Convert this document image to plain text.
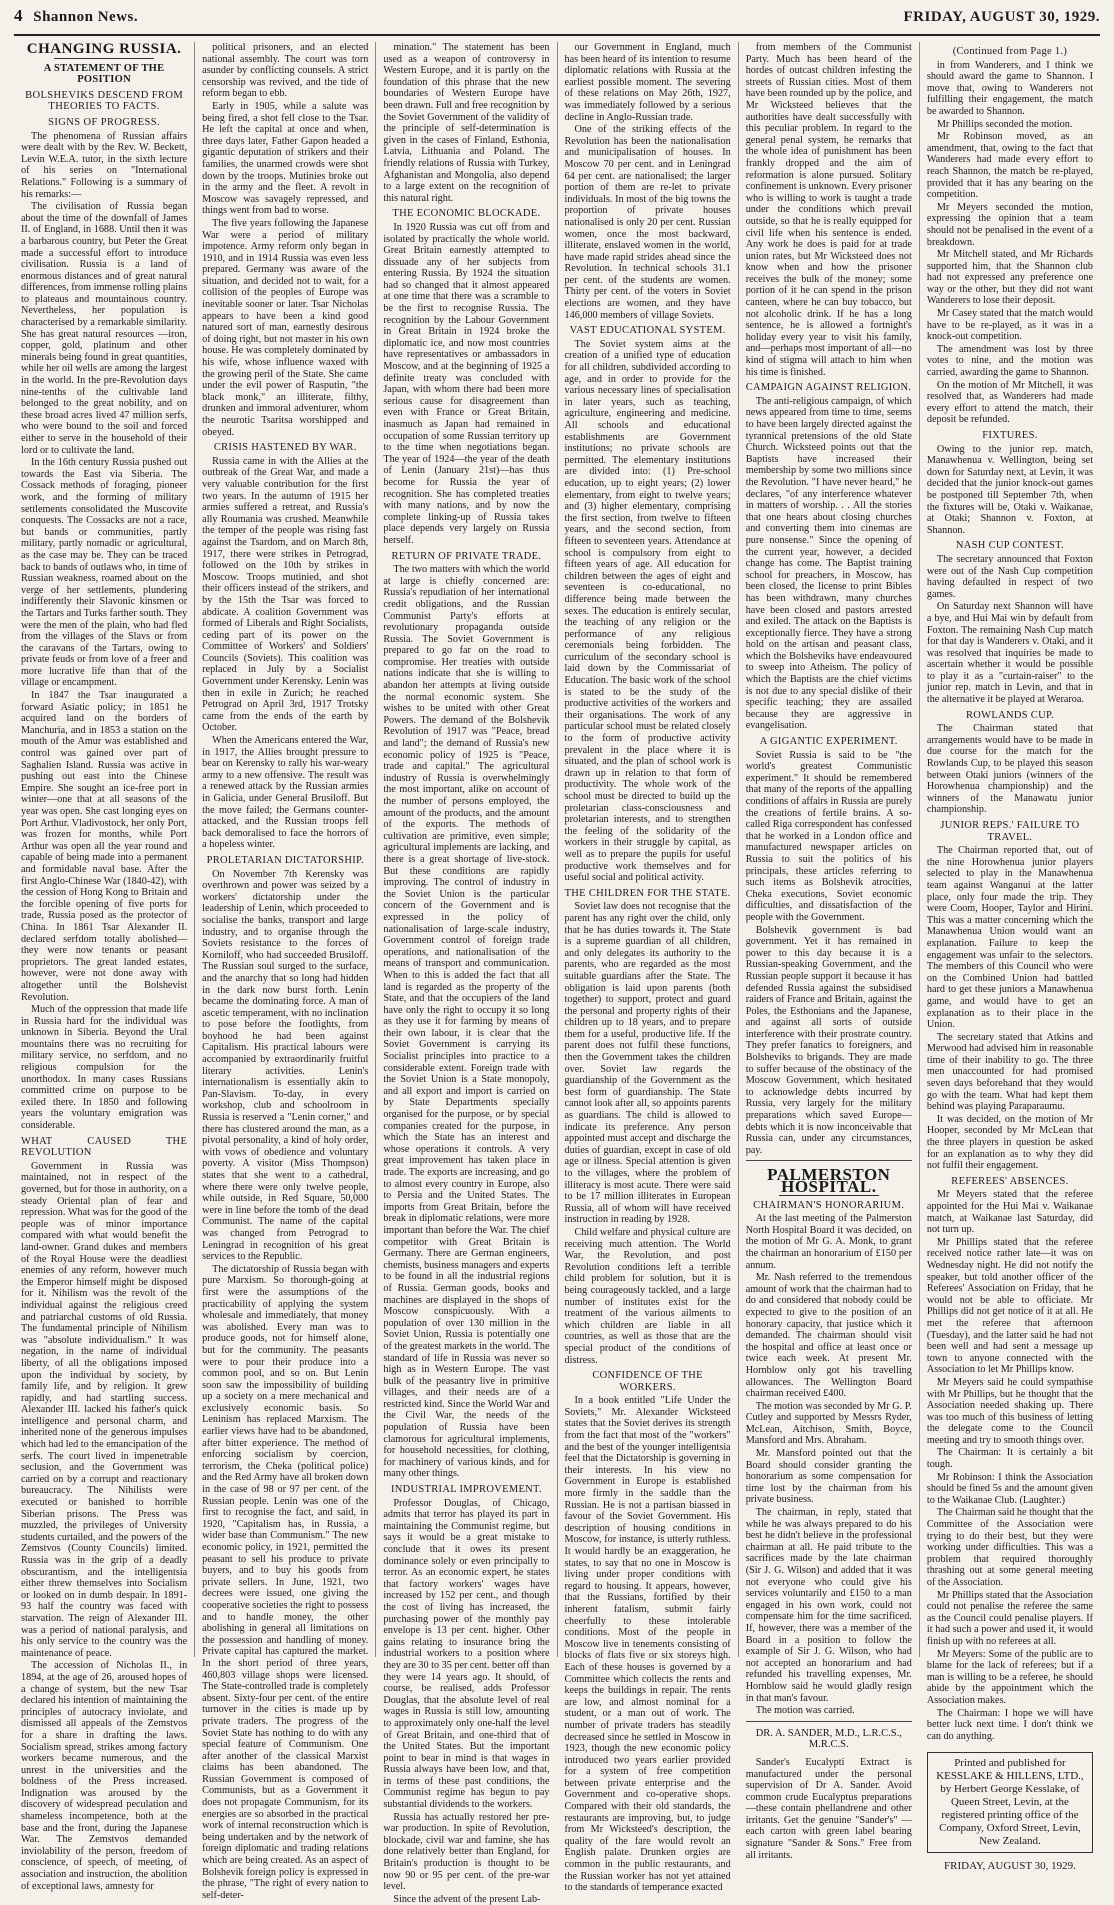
4 Shannon News.	FRIDAY, AUGUST 30, 1929.
CHANGING RUSSIA.
A STATEMENT OF THE POSITION
BOLSHEVIKS DESCEND FROM THEORIES TO FACTS.
SIGNS OF PROGRESS.

The phenomena of Russian affairs were dealt with by the Rev. W. Beckett, Levin W.E.A. tutor, in the sixth lecture of his series on "International Relations." Following is a summary of his remarks:—

The civilisation of Russia began about the time of the downfall of James II. of England, in 1688. Until then it was a barbarous country, but Peter the Great made a successful effort to introduce civilisation. Russia is a land of enormous distances and of great natural differences, from immense rolling plains to plateaus and mountainous country. Nevertheless, her population is characterised by a remarkable similarity. She has great natural resources —iron, copper, gold, platinum and other minerals being found in great quantities, while her oil wells are among the largest in the world. In the pre-Revolution days nine-tenths of the cultivable land belonged to the great nobility, and on these broad acres lived 47 million serfs, who were bound to the soil and forced either to serve in the household of their lord or to cultivate the land.

In the 16th century Russia pushed out towards the East via Siberia. The Cossack methods of foraging, pioneer work, and the forming of military settlements consolidated the Muscovite conquests. The Cossacks are not a race, but bands or communities, partly military, partly nomadic or agricultural, as the case may be. They can be traced back to bands of outlaws who, in time of Russian weakness, roamed about on the verge of her settlements, plundering indifferently their Slavonic kinsmen or the Tartars and Turks farther south. They were the men of the plain, who had fled from the villages of the Slavs or from the caravans of the Tartars, owing to private feuds or from love of a freer and more lucrative life than that of the village or encampment.

In 1847 the Tsar inaugurated a forward Asiatic policy; in 1851 he acquired land on the borders of Manchuria, and in 1853 a station on the mouth of the Amur was established and control was gained over part of Saghalien Island. Russia was active in pushing out east into the Chinese Empire. She sought an ice-free port in winter—one that at all seasons of the year was open. She cast longing eyes on Port Arthur. Vladivostock, her only Port, was frozen for months, while Port Arthur was open all the year round and capable of being made into a permanent and formidable naval base. After the first Anglo-Chinese War (1840-42), with the cession of Hong Kong to Britain and the forcible opening of five ports for trade, Russia posed as the protector of China. In 1861 Tsar Alexander II. declared serfdom totally abolished—they were now tenants or peasant proprietors. The great landed estates, however, were not done away with altogether until the Bolshevist Revolution.

Much of the oppression that made life in Russia hard for the individual was unknown in Siberia. Beyond the Ural mountains there was no recruiting for military service, no serfdom, and no religious compulsion for the unorthodox. In many cases Russians committed crime on purpose to be exiled there. In 1850 and following years the voluntary emigration was considerable.

WHAT CAUSED THE REVOLUTION

Government in Russia was maintained, not in respect of the governed, but for those in authority, on a steady Oriental plan of fear and repression. What was for the good of the people was of minor importance compared with what would benefit the land-owner. Grand dukes and members of the Royal House were the deadliest enemies of any reform, however much the Emperor himself might be disposed for it. Nihilism was the revolt of the individual against the religious creed and patriarchal customs of old Russia. The fundamental principle of Nihilism was "absolute individualism." It was negation, in the name of individual liberty, of all the obligations imposed upon the individual by society, by family life, and by religion. It grew rapidly, and had startling success. Alexander III. lacked his father's quick intelligence and personal charm, and inherited none of the generous impulses which had led to the emancipation of the serfs. The court lived in impenetrable seclusion, and the Government was carried on by a corrupt and reactionary bureaucracy. The Nihilists were executed or banished to horrible Siberian prisons. The Press was muzzled, the privileges of University students curtailed, and the powers of the Zemstvos (County Councils) limited. Russia was in the grip of a deadly obscurantism, and the intelligentsia either threw themselves into Socialism or looked on in dumb despair. In 1891-93 half the country was faced with starvation. The reign of Alexander III. was a period of national paralysis, and his only service to the country was the maintenance of peace.

The accession of Nicholas II., in 1894, at the age of 26, aroused hopes of a change of system, but the new Tsar declared his intention of maintaining the principles of autocracy inviolate, and dismissed all appeals of the Zemstvos for a share in drafting the laws. Socialism spread, strikes among factory workers became numerous, and the unrest in the universities and the boldness of the Press increased. Indignation was aroused by the discovery of widespread peculation and shameless incompetence, both at the base and the front, during the Japanese War. The Zemstvos demanded inviolability of the person, freedom of conscience, of speech, of meeting, of association and instruction, the abolition of exceptional laws, amnesty for

political prisoners, and an elected national assembly. The court was torn asunder by conflicting counsels. A strict censorship was revived, and the tide of reform began to ebb.

Early in 1905, while a salute was being fired, a shot fell close to the Tsar. He left the capital at once and when, three days later, Father Gapon headed a gigantic deputation of strikers and their families, the unarmed crowds were shot down by the troops. Mutinies broke out in the army and the fleet. A revolt in Moscow was savagely repressed, and things went from bad to worse.

The five years following the Japanese War were a period of military impotence. Army reform only began in 1910, and in 1914 Russia was even less prepared. Germany was aware of the situation, and decided not to wait, for a collision of the peoples of Europe was inevitable sooner or later. Tsar Nicholas appears to have been a kind good natured sort of man, earnestly desirous of doing right, but not master in his own house. He was completely dominated by his wife, whose influence waxed with the growing peril of the State. She came under the evil power of Rasputin, "the black monk," an illiterate, filthy, drunken and immoral adventurer, whom the neurotic Tsaritsa worshipped and obeyed.

CRISIS HASTENED BY WAR.

Russia came in with the Allies at the outbreak of the Great War, and made a very valuable contribution for the first two years. In the autumn of 1915 her armies suffered a retreat, and Russia's ally Roumania was crushed. Meanwhile the temper of the people was rising fast against the Tsardom, and on March 8th, 1917, there were strikes in Petrograd, followed on the 10th by strikes in Moscow. Troops mutinied, and shot their officers instead of the strikers, and by the 15th the Tsar was forced to abdicate. A coalition Government was formed of Liberals and Right Socialists, ceding part of its power on the Committee of Workers' and Soldiers' Councils (Soviets). This coalition was replaced in July by a Socialist Government under Kerensky. Lenin was then in exile in Zurich; he reached Petrograd on April 3rd, 1917 Trotsky came from the ends of the earth by October.

When the Americans entered the War, in 1917, the Allies brought pressure to bear on Kerensky to rally his war-weary army to a new offensive. The result was a renewed attack by the Russian armies in Galicia, under General Brusiloff. But the move failed; the Germans counter-attacked, and the Russian troops fell back demoralised to face the horrors of a hopeless winter.

PROLETARIAN DICTATORSHIP.

On November 7th Kerensky was overthrown and power was seized by a workers' dictatorship under the leadership of Lenin, which proceeded to socialise the banks, transport and large industry, and to organise through the Soviets resistance to the forces of Korniloff, who had succeeded Brusiloff. The Russian soul surged to the surface, and the anarchy that so long had hidden in the dark now burst forth. Lenin became the dominating force. A man of ascetic temperament, with no inclination to pose before the footlights, from boyhood he had been against Capitalism. His practical labours were accompanied by extraordinarily fruitful literary activities. Lenin's internationalism is essentially akin to Pan-Slavism. To-day, in every workshop, club and schoolroom in Russia is reserved a "Lenin corner," and there has clustered around the man, as a pivotal personality, a kind of holy order, with vows of obedience and voluntary poverty. A visitor (Miss Thompson) states that she went to a cathedral, where there were only twelve people, while outside, in Red Square, 50,000 were in line before the tomb of the dead Communist. The name of the capital was changed from Petrograd to Leningrad in recognition of his great services to the Republic.

The dictatorship of Russia began with pure Marxism. So thorough-going at first were the assumptions of the practicability of applying the system wholesale and immediately, that money was abolished. Every man was to produce goods, not for himself alone, but for the community. The peasants were to pour their produce into a common pool, and so on. But Lenin soon saw the impossibility of building up a society on a mere mechanical and exclusively economic basis. So Leninism has replaced Marxism. The earlier views have had to be abandoned, after bitter experience. The method of enforcing socialism by coercion, terrorism, the Cheka (political police) and the Red Army have all broken down in the case of 98 or 97 per cent. of the Russian people. Lenin was one of the first to recognise the fact, and said, in 1920, "Capitalism has, in Russia, a wider base than Communism." The new economic policy, in 1921, permitted the peasant to sell his produce to private buyers, and to buy his goods from private sellers. In June, 1921, two decrees were issued, one giving the cooperative societies the right to possess and to handle money, the other abolishing in general all limitations on the possession and handling of money. Private capital has captured the market. In the short period of three years, 460,803 village shops were licensed. The State-controlled trade is completely absent. Sixty-four per cent. of the entire turnover in the cities is made up by private traders. The progress of the Soviet State has nothing to do with any special feature of Communism. One after another of the classical Marxist claims has been abandoned. The Russian Government is composed of Communists, but as a Government it does not propagate Communism, for its energies are so absorbed in the practical work of internal reconstruction which is being undertaken and by the network of foreign diplomatic and trading relations which are being created. As an aspect of Bolshevik foreign policy is expressed in the phrase, "The right of every nation to self-deter-

mination." The statement has been used as a weapon of controversy in Western Europe, and it is partly on the foundation of this phrase that the new boundaries of Western Europe have been drawn. Full and free recognition by the Soviet Government of the validity of the principle of self-determination is given in the cases of Finland, Esthonia, Latvia, Lithuania and Poland. The friendly relations of Russia with Turkey, Afghanistan and Mongolia, also depend to a large extent on the recognition of this natural right.

THE ECONOMIC BLOCKADE.

In 1920 Russia was cut off from and isolated by practically the whole world. Great Britain earnestly attempted to dissuade any of her subjects from entering Russia. By 1924 the situation had so changed that it almost appeared at one time that there was a scramble to be the first to recognise Russia. The recognition by the Labour Government in Great Britain in 1924 broke the diplomatic ice, and now most countries have representatives or ambassadors in Moscow, and at the beginning of 1925 a definite treaty was concluded with Japan, with whom there had been more serious cause for disagreement than even with France or Great Britain, inasmuch as Japan had remained in occupation of some Russian territory up to the time when negotiations began. The year of 1924—the year of the death of Lenin (January 21st)—has thus become for Russia the year of recognition. She has completed treaties with many nations, and by now the complete linking-up of Russia takes place depends very largely on Russia herself.

RETURN OF PRIVATE TRADE.

The two matters with which the world at large is chiefly concerned are: Russia's repudiation of her international credit obligations, and the Russian Communist Party's efforts at revolutionary propaganda outside Russia. The Soviet Government is prepared to go far on the road to compromise. Her treaties with outside nations indicate that she is willing to abandon her attempts at living outside the normal economic system. She wishes to be united with other Great Powers. The demand of the Bolshevik Revolution of 1917 was "Peace, bread and land"; the demand of Russia's new economic policy of 1925 is "Peace, trade and capital." The agricultural industry of Russia is overwhelmingly the most important, alike on account of the number of persons employed, the amount of the products, and the amount of the exports. The methods of cultivation are primitive, even simple; agricultural implements are lacking, and there is a great shortage of live-stock. But these conditions are rapidly improving. The control of industry in the Soviet Union is the particular concern of the Government and is expressed in the policy of nationalisation of large-scale industry, Government control of foreign trade operations, and nationalisation of the means of transport and communication. When to this is added the fact that all land is regarded as the property of the State, and that the occupiers of the land have only the right to occupy it so long as they use it for farming by means of their own labour, it is clear that the Soviet Government is carrying its Socialist principles into practice to a considerable extent. Foreign trade with the Soviet Union is a State monopoly, and all export and import is carried on by State Departments specially organised for the purpose, or by special companies created for the purpose, in which the State has an interest and whose operations it controls. A very great improvement has taken place in trade. The exports are increasing, and go to almost every country in Europe, also to Persia and the United States. The imports from Great Britain, before the break in diplomatic relations, were more important than before the War. The chief competitor with Great Britain is Germany. There are German engineers, chemists, business managers and experts to be found in all the industrial regions of Russia. German goods, books and machines are displayed in the shops of Moscow conspicuously. With a population of over 130 million in the Soviet Union, Russia is potentially one of the greatest markets in the world. The standard of life in Russia was never so high as in Western Europe. The vast bulk of the peasantry live in primitive villages, and their needs are of a restricted kind. Since the World War and the Civil War, the needs of the population of Russia have been clamorous for agricultural implements, for household necessities, for clothing, for machinery of various kinds, and for many other things.

INDUSTRIAL IMPROVEMENT.

Professor Douglas, of Chicago, admits that terror has played its part in maintaining the Communist regime, but says it would be a great mistake to conclude that it owes its present dominance solely or even principally to terror. As an economic expert, he states that factory workers' wages have increased by 152 per cent., and though the cost of living has increased, the purchasing power of the monthly pay envelope is 13 per cent. higher. Other gains relating to insurance bring the industrial workers to a position where they are 30 to 35 per cent. better off than they were 14 years ago. It should, of course, be realised, adds Professor Douglas, that the absolute level of real wages in Russia is still low, amounting to approximately only one-half the level of Great Britain, and one-third that of the United States. But the important point to bear in mind is that wages in Russia always have been low, and that, in terms of these past conditions, the Communist regime has begun to pay substantial dividends to the workers.

Russia has actually restored her pre-war production. In spite of Revolution, blockade, civil war and famine, she has done relatively better than England, for Britain's production is thought to be now 90 or 95 per cent. of the pre-war level.

Since the advent of the present Lab-

our Government in England, much has been heard of its intention to resume diplomatic relations with Russia at the earliest possible moment. The severing of these relations on May 26th, 1927, was immediately followed by a serious decline in Anglo-Russian trade.

One of the striking effects of the Revolution has been the nationalisation and municipalisation of houses. In Moscow 70 per cent. and in Leningrad 64 per cent. are nationalised; the larger portion of them are re-let to private individuals. In most of the big towns the proportion of private houses nationalised is only 20 per cent. Russian women, once the most backward, illiterate, enslaved women in the world, have made rapid strides ahead since the Revolution. In technical schools 31.1 per cent. of the students are women. Thirty per cent. of the voters in Soviet elections are women, and they have 146,000 members of village Soviets.

VAST EDUCATIONAL SYSTEM.

The Soviet system aims at the creation of a unified type of education for all children, subdivided according to age, and in order to provide for the various necessary lines of specialisation in later years, such as teaching, agriculture, engineering and medicine. All schools and educational establishments are Government institutions; no private schools are permitted. The elementary institutions are divided into: (1) Pre-school education, up to eight years; (2) lower elementary, from eight to twelve years; and (3) higher elementary, comprising the first section, from twelve to fifteen years, and the second section, from fifteen to seventeen years. Attendance at school is compulsory from eight to fifteen years of age. All education for children between the ages of eight and seventeen is co-educational, no difference being made between the sexes. The education is entirely secular, the teaching of any religion or the performance of any religious ceremonials being forbidden. The curriculum of the secondary school is laid down by the Commissariat of Education. The basic work of the school is stated to be the study of the productive activities of the workers and their organisations. The work of any particular school must be related closely to the form of productive activity prevalent in the place where it is situated, and the plan of school work is drawn up in relation to that form of productivity. The whole work of the school must be directed to build up the proletarian class-consciousness and proletarian interests, and to strengthen the feeling of the solidarity of the workers in their struggle by capital, as well as to prepare the pupils for useful productive work themselves and for useful social and political activity.

THE CHILDREN FOR THE STATE.

Soviet law does not recognise that the parent has any right over the child, only that he has duties towards it. The State is a supreme guardian of all children, and only delegates its authority to the parents, who are regarded as the most suitable guardians after the State. The obligation is laid upon parents (both together) to support, protect and guard the personal and property rights of their children up to 18 years, and to prepare them for a useful, productive life. If the parent does not fulfil these functions, then the Government takes the children over. Soviet law regards the guardianship of the Government as the best form of guardianship. The State cannot look after all, so appoints parents as guardians. The child is allowed to indicate its preference. Any person appointed must accept and discharge the duties of guardian, except in case of old age or illness. Special attention is given to the villages, where the problem of illiteracy is most acute. There were said to be 17 million illiterates in European Russia, all of whom will have received instruction in reading by 1928.

Child welfare and physical culture are receiving much attention. The World War, the Revolution, and post Revolution conditions left a terrible child problem for solution, but it is being courageously tackled, and a large number of institutes exist for the treatment of the various ailments to which children are liable in all countries, as well as those that are the special product of the conditions of distress.

CONFIDENCE OF THE WORKERS.

In a book entitled "Life Under the Soviets," Mr. Alexander Wicksteed states that the Soviet derives its strength from the fact that most of the "workers" and the best of the younger intelligentsia feel that the Dictatorship is governing in their interests. In his view no Government in Europe is established more firmly in the saddle than the Russian. He is not a partisan biassed in favour of the Soviet Government. His description of housing conditions in Moscow, for instance, is utterly ruthless. It would hardly be an exaggeration, he states, to say that no one in Moscow is living under proper conditions with regard to housing. It appears, however, that the Russians, fortified by their inherent fatalism, submit fairly cheerfully to these intolerable conditions. Most of the people in Moscow live in tenements consisting of blocks of flats five or six storeys high. Each of these houses is governed by a Committee which collects the rents and keeps the buildings in repair. The rents are low, and almost nominal for a student, or a man out of work. The number of private traders has steadily decreased since he settled in Moscow in 1923, though the new economic policy introduced two years earlier provided for a system of free competition between private enterprise and the Government and co-operative shops. Compared with their old standards, the restaurants are improving, but, to judge from Mr Wicksteed's description, the quality of the fare would revolt an English palate. Drunken orgies are common in the public restaurants, and the Russian worker has not yet attained to the standards of temperance exacted

from members of the Communist Party. Much has been heard of the hordes of outcast children infesting the streets of Russian cities. Most of them have been rounded up by the police, and Mr Wicksteed believes that the authorities have dealt successfully with this peculiar problem. In regard to the general penal system, he remarks that the whole idea of punishment has been frankly dropped and the aim of reformation is alone pursued. Solitary confinement is unknown. Every prisoner who is willing to work is taught a trade under the conditions which prevail outside, so that he is really equipped for civil life when his sentence is ended. Any work he does is paid for at trade union rates, but Mr Wicksteed does not know when and how the prisoner receives the bulk of the money; some portion of it he can spend in the prison canteen, where he can buy tobacco, but not alcoholic drink. If he has a long sentence, he is allowed a fortnight's holiday every year to visit his family, and—perhaps most important of all—no kind of stigma will attach to him when his time is finished.

CAMPAIGN AGAINST RELIGION.

The anti-religious campaign, of which news appeared from time to time, seems to have been largely directed against the tyrannical pretensions of the old State Church. Wicksteed points out that the Baptists have increased their membership by some two millions since the Revolution. "I have never heard," he declares, "of any interference whatever in matters of worship. . . All the stories that one hears about closing churches and converting them into cinemas are pure nonsense." Since the opening of the current year, however, a decided change has come. The Baptist training school for preachers, in Moscow, has been closed, the license to print Bibles has been withdrawn, many churches have been closed and pastors arrested and exiled. The attack on the Baptists is exceptionally fierce. They have a strong hold on the artisan and peasant class, which the Bolsheviks have endeavoured to sweep into Atheism. The policy of which the Baptists are the chief victims is not due to any special dislike of their specific teaching; they are assailed because they are aggressive in evangelisation.

A GIGANTIC EXPERIMENT.

Soviet Russia is said to be "the world's greatest Communistic experiment." It should be remembered that many of the reports of the appalling conditions of affairs in Russia are purely the creations of fertile brains. A so-called Riga correspondent has confessed that he worked in a London office and manufactured newspaper articles on Russia to suit the politics of his principals, these articles referring to such items as Bolshevik atrocities, Cheka executions, Soviet economic difficulties, and dissatisfaction of the people with the Government.

Bolshevik government is bad government. Yet it has remained in power to this day because it is a Russian-speaking Government, and the Russian people support it because it has defended Russia against the subsidised raiders of France and Britain, against the Poles, the Esthonians and the Japanese, and against all sorts of outside interference with their prostrate country. They prefer fanatics to foreigners, and Bolsheviks to brigands. They are made to suffer because of the obstinacy of the Moscow Government, which hesitated to acknowledge debts incurred by Russia, very largely for the military preparations which saved Europe—debts which it is now inconceivable that Russia can, under any circumstances, pay.

PALMERSTON HOSPITAL.
CHAIRMAN'S HONORARIUM.

At the last meeting of the Palmerston North Hospital Board it was decided, on the motion of Mr G. A. Monk, to grant the chairman an honorarium of £150 per annum.

Mr. Nash referred to the tremendous amount of work that the chairman had to do and considered that nobody could be expected to give to the position of an honorary capacity, that justice which it demanded. The chairman should visit the hospital and office at least once or twice each week. At present Mr. Hornblow only got his travelling allowances. The Wellington Board chairman received £400.

The motion was seconded by Mr G. P. Cutley and supported by Messrs Ryder, McLean, Aitchison, Smith, Boyce, Mansford and Mrs. Abraham.

Mr. Mansford pointed out that the Board should consider granting the honorarium as some compensation for time lost by the chairman from his private business.

The chairman, in reply, stated that while he was always prepared to do his best he didn't believe in the professional chairman at all. He paid tribute to the sacrifices made by the late chairman (Sir J. G. Wilson) and added that it was not everyone who could give his services voluntarily and £150 to a man engaged in his own work, could not compensate him for the time sacrificed. If, however, there was a member of the Board in a position to follow the example of Sir J. G. Wilson, who had not accepted an honorarium and had refunded his travelling expenses, Mr. Hornblow said he would gladly resign in that man's favour.

The motion was carried.

DR. A. SANDER, M.D., L.R.C.S., M.R.C.S.

Sander's Eucalypti Extract is manufactured under the personal supervision of Dr A. Sander. Avoid common crude Eucalyptus preparations—these contain phellandrene and other irritants. Get the genuine "Sander's" —each carton with green label bearing signature "Sander & Sons." Free from all irritants.

(Continued from Page 1.)

in from Wanderers, and I think we should award the game to Shannon. I move that, owing to Wanderers not fulfilling their engagement, the match be awarded to Shannon.

Mr Phillips seconded the motion.

Mr Robinson moved, as an amendment, that, owing to the fact that Wanderers had made every effort to reach Shannon, the match be re-played, provided that it has any bearing on the competition.

Mr Meyers seconded the motion, expressing the opinion that a team should not be penalised in the event of a breakdown.

Mr Mitchell stated, and Mr Richards supported him, that the Shannon club had not expressed any preference one way or the other, but they did not want Wanderers to lose their deposit.

Mr Casey stated that the match would have to be re-played, as it was in a knock-out competition.

The amendment was lost by three votes to nine, and the motion was carried, awarding the game to Shannon.

On the motion of Mr Mitchell, it was resolved that, as Wanderers had made every effort to attend the match, their deposit be refunded.

FIXTURES.

Owing to the junior rep. match, Manawhenua v. Wellington, being set down for Saturday next, at Levin, it was decided that the junior knock-out games be postponed till September 7th, when the fixtures will be, Otaki v. Waikanae, at Otaki; Shannon v. Foxton, at Shannon.

NASH CUP CONTEST.

The secretary announced that Foxton were out of the Nash Cup competition having defaulted in respect of two games.

On Saturday next Shannon will have a bye, and Hui Mai win by default from Foxton. The remaining Nash Cup match for that day is Wanderers v. Otaki, and it was resolved that inquiries be made to ascertain whether it would be possible to play it as a "curtain-raiser" to the junior rep. match in Levin, and that in the alternative it be played at Weraroa.

ROWLANDS CUP.

The Chairman stated that arrangements would have to be made in due course for the match for the Rowlands Cup, to be played this season between Otaki juniors (winners of the Horowhenua championship) and the winners of the Manawatu junior championship.

JUNIOR REPS.' FAILURE TO TRAVEL.

The Chairman reported that, out of the nine Horowhenua junior players selected to play in the Manawhenua team against Wanganui at the latter place, only four made the trip. They were Coom, Hooper, Taylor and Hirini. This was a matter concerning which the Manawhenua Union would want an explanation. Failure to keep the engagement was unfair to the selectors. The members of this Council who were on the Combined Union had battled hard to get these juniors a Manawhenua game, and would have to get an explanation as to their place in the Union.

The secretary stated that Atkins and Merwood had advised him in reasonable time of their inability to go. The three men unaccounted for had promised seven days beforehand that they would go with the team. What had kept them behind was playing Paraparaumu.

It was decided, on the motion of Mr Hooper, seconded by Mr McLean that the three players in question be asked for an explanation as to why they did not fulfil their engagement.

REFEREES' ABSENCES.

Mr Meyers stated that the referee appointed for the Hui Mai v. Waikanae match, at Waikanae last Saturday, did not turn up.

Mr Phillips stated that the referee received notice rather late—it was on Wednesday night. He did not notify the speaker, but told another officer of the Referees' Association on Friday, that he would not be able to officiate. Mr Phillips did not get notice of it at all. He met the referee that afternoon (Tuesday), and the latter said he had not been well and had sent a message up town to anyone connected with the Association to let Mr Phillips know.

Mr Meyers said he could sympathise with Mr Phillips, but he thought that the Association needed shaking up. There was too much of this business of letting the delegate come to the Council meeting and try to smooth things over.

The Chairman: It is certainly a bit tough.

Mr Robinson: I think the Association should be fined 5s and the amount given to the Waikanae Club. (Laughter.)

The Chairman said he thought that the Committee of the Association were trying to do their best, but they were working under difficulties. This was a problem that required thoroughly thrashing out at some general meeting of the Association.

Mr Phillips stated that the Association could not penalise the referee the same as the Council could penalise players. If it had such a power and used it, it would finish up with no referees at all.

Mr Meyers: Some of the public are to blame for the lack of referees; but if a man is willing to be a referee, he should abide by the appointment which the Association makes.

The Chairman: I hope we will have better luck next time. I don't think we can do anything.

Printed and published for KESSLAKE & HILLENS, LTD., by Herbert George Kesslake, of Queen Street, Levin, at the registered printing office of the Company, Oxford Street, Levin, New Zealand.
FRIDAY, AUGUST 30, 1929.
